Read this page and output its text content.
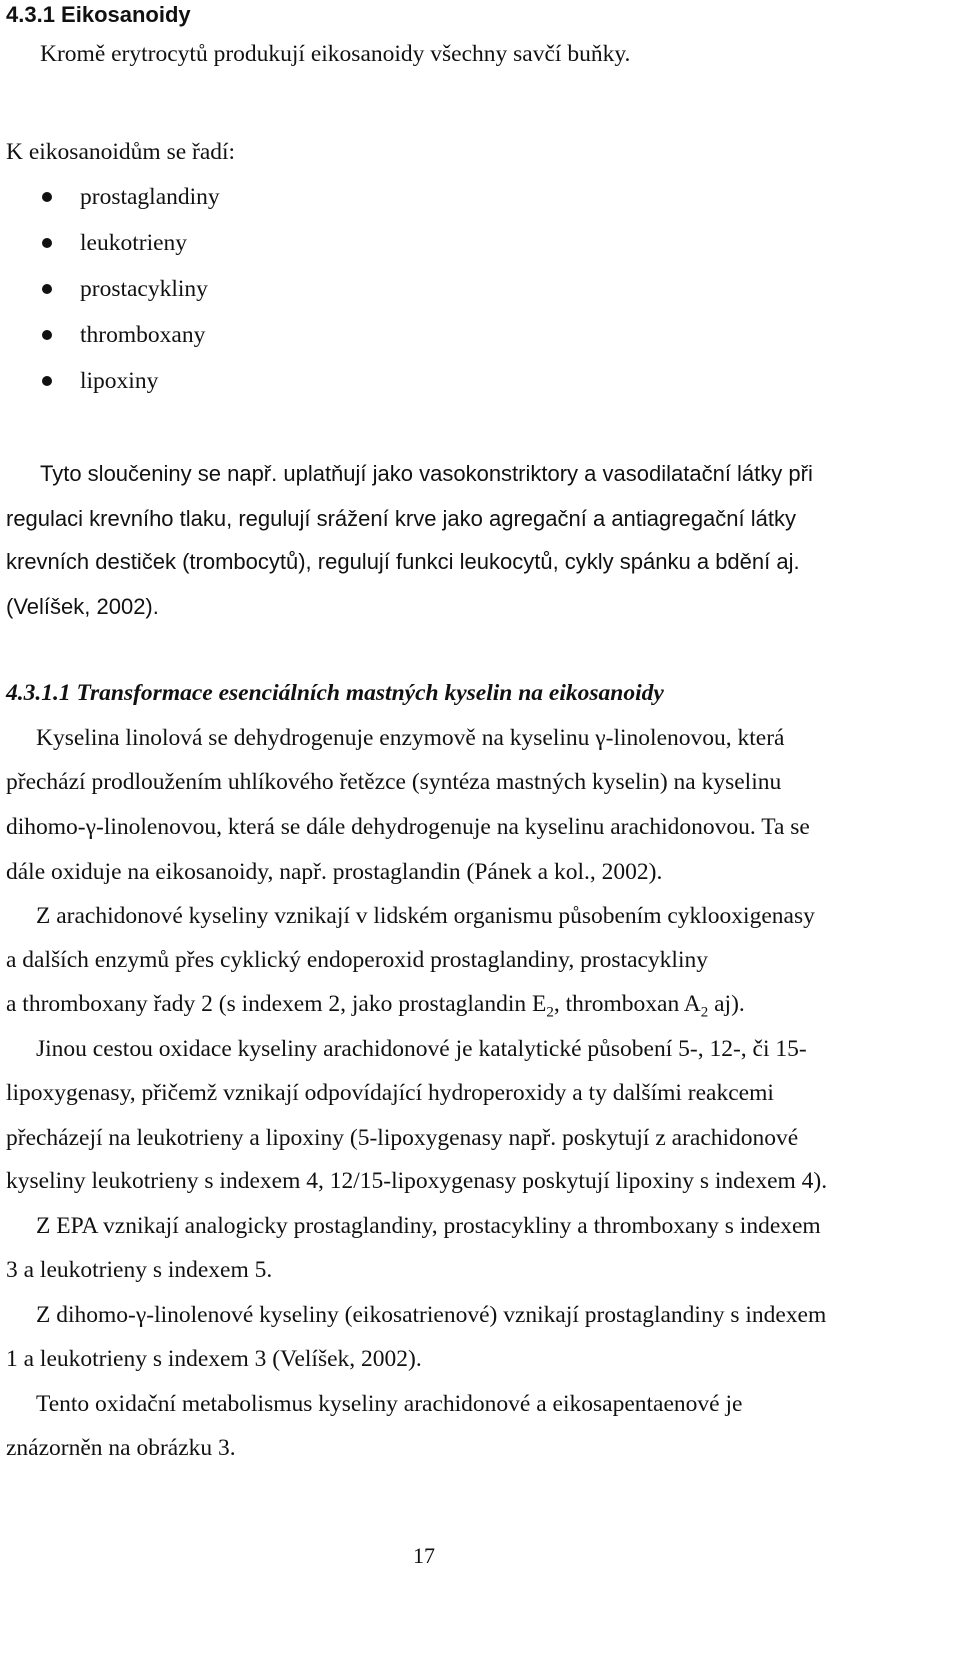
4.3.1 Eikosanoidy
Kromě erytrocytů produkují eikosanoidy všechny savčí buňky.
K eikosanoidům se řadí:
prostaglandiny
leukotrieny
prostacykliny
thromboxany
lipoxiny
Tyto sloučeniny se např. uplatňují jako vasokonstriktory a vasodilatační látky při
regulaci krevního tlaku, regulují srážení krve jako agregační a antiagregační látky
krevních destiček (trombocytů), regulují funkci leukocytů, cykly spánku a bdění aj.
(Velíšek, 2002).
4.3.1.1 Transformace esenciálních mastných kyselin na eikosanoidy
Kyselina linolová se dehydrogenuje enzymově na kyselinu γ-linolenovou, která
přechází prodloužením uhlíkového řetězce (syntéza mastných kyselin) na kyselinu
dihomo-γ-linolenovou, která se dále dehydrogenuje na kyselinu arachidonovou. Ta se
dále oxiduje na eikosanoidy, např. prostaglandin (Pánek a kol., 2002).
Z arachidonové kyseliny vznikají v lidském organismu působením cyklooxigenasy
a dalších enzymů přes cyklický endoperoxid prostaglandiny, prostacykliny
a thromboxany řady 2 (s indexem 2, jako prostaglandin $E_2$, thromboxan $A_2$ aj).
Jinou cestou oxidace kyseliny arachidonové je katalytické působení 5-, 12-, či 15-
lipoxygenasy, přičemž vznikají odpovídající hydroperoxidy a ty dalšími reakcemi
přecházejí na leukotrieny a lipoxiny (5-lipoxygenasy např. poskytují z arachidonové
kyseliny leukotrieny s indexem 4, 12/15-lipoxygenasy poskytují lipoxiny s indexem 4).
Z EPA vznikají analogicky prostaglandiny, prostacykliny a thromboxany s indexem
3 a leukotrieny s indexem 5.
Z dihomo-γ-linolenové kyseliny (eikosatrienové) vznikají prostaglandiny s indexem
1 a leukotrieny s indexem 3 (Velíšek, 2002).
Tento oxidační metabolismus kyseliny arachidonové a eikosapentaenové je
znázorněn na obrázku 3.
17
